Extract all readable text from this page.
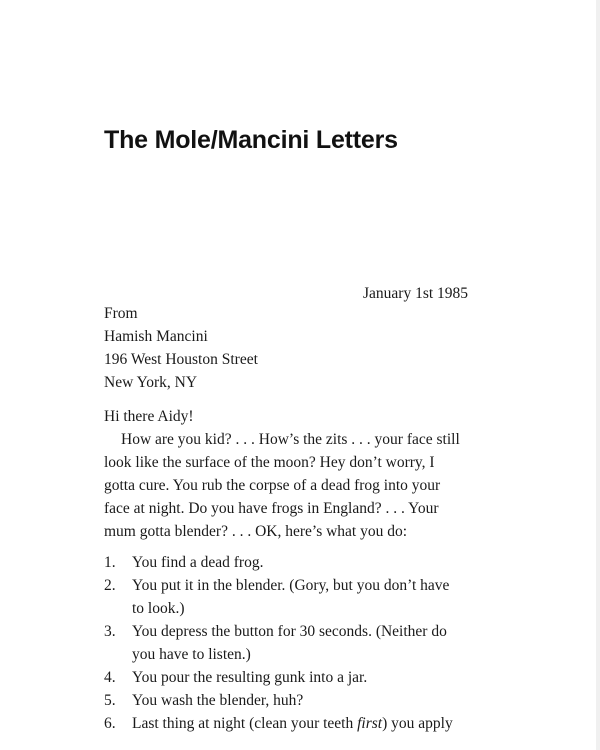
The Mole/Mancini Letters
January 1st 1985
From
Hamish Mancini
196 West Houston Street
New York, NY
Hi there Aidy!
How are you kid? . . . How’s the zits . . . your face still
look like the surface of the moon? Hey don’t worry, I
gotta cure. You rub the corpse of a dead frog into your
face at night. Do you have frogs in England? . . . Your
mum gotta blender? . . . OK, here’s what you do:
1. You find a dead frog.
2. You put it in the blender. (Gory, but you don’t have
to look.)
3. You depress the button for 30 seconds. (Neither do
you have to listen.)
4. You pour the resulting gunk into a jar.
5. You wash the blender, huh?
6. Last thing at night (clean your teeth first) you apply
